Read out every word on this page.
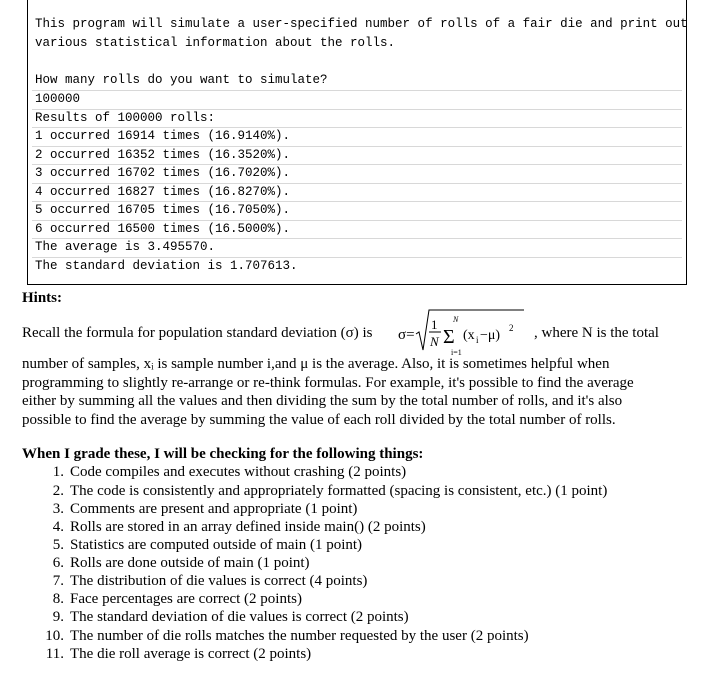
This program will simulate a user-specified number of rolls of a fair die and print out
various statistical information about the rolls.
How many rolls do you want to simulate?
100000
Results of 100000 rolls:
1 occurred 16914 times (16.9140%).
2 occurred 16352 times (16.3520%).
3 occurred 16702 times (16.7020%).
4 occurred 16827 times (16.8270%).
5 occurred 16705 times (16.7050%).
6 occurred 16500 times (16.5000%).
The average is 3.495570.
The standard deviation is 1.707613.
Hints:
Recall the formula for population standard deviation (σ) is σ=
1
N
N
Σ
i=1
(x i −μ) 2 , where N is the total
number of samples, xᵢ is sample number i,and μ is the average. Also, it is sometimes helpful when
programming to slightly re-arrange or re-think formulas. For example, it's possible to find the average
either by summing all the values and then dividing the sum by the total number of rolls, and it's also
possible to find the average by summing the value of each roll divided by the total number of rolls.
When I grade these, I will be checking for the following things:
1. Code compiles and executes without crashing (2 points)
2. The code is consistently and appropriately formatted (spacing is consistent, etc.) (1 point)
3. Comments are present and appropriate (1 point)
4. Rolls are stored in an array defined inside main() (2 points)
5. Statistics are computed outside of main (1 point)
6. Rolls are done outside of main (1 point)
7. The distribution of die values is correct (4 points)
8. Face percentages are correct (2 points)
9. The standard deviation of die values is correct (2 points)
10. The number of die rolls matches the number requested by the user (2 points)
11. The die roll average is correct (2 points)
